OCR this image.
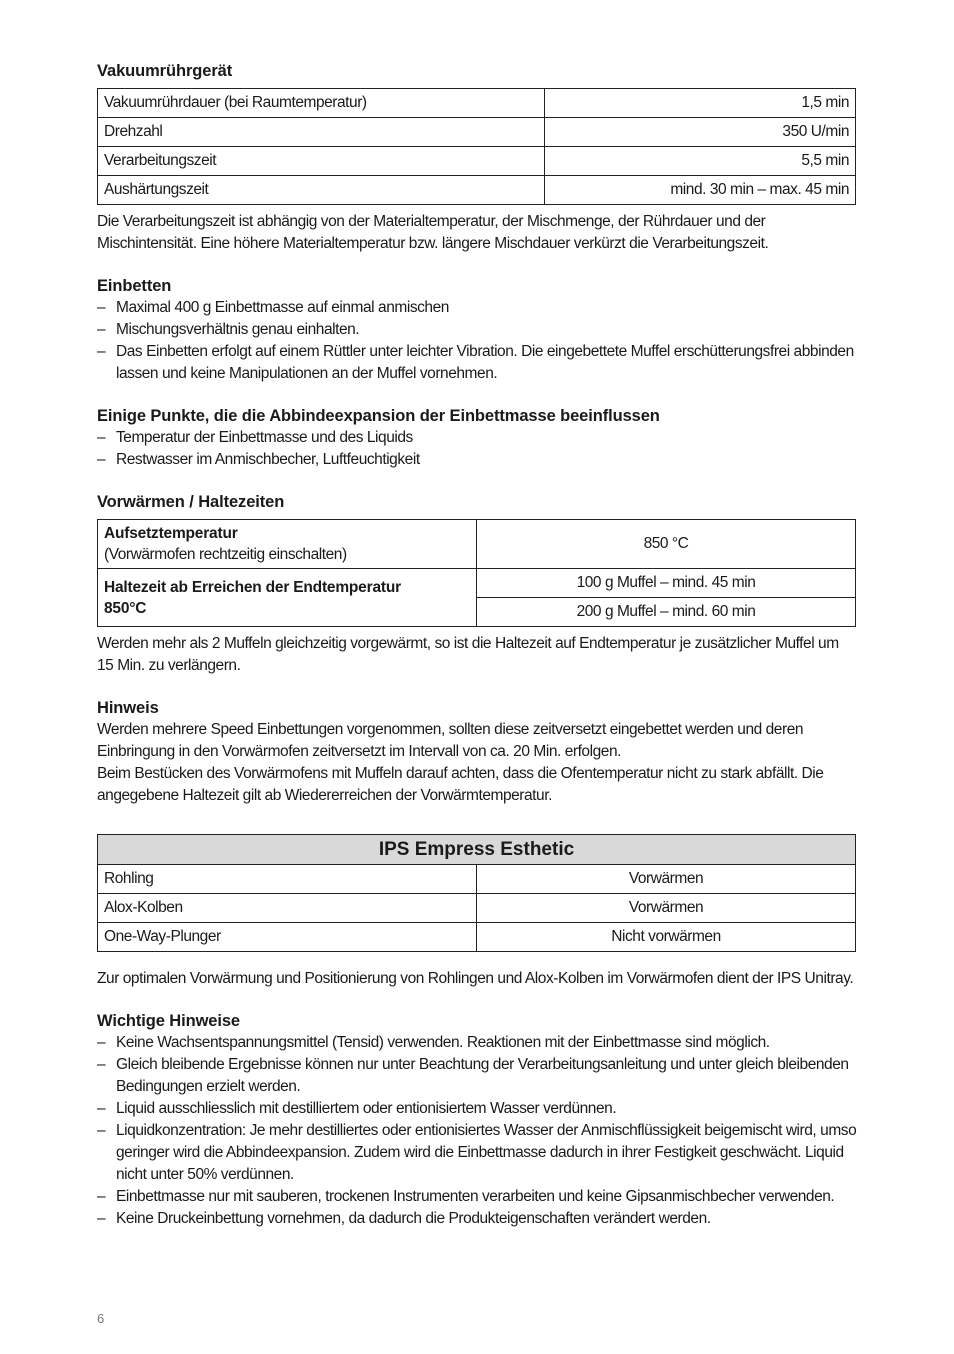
Vakuumrührgerät
Vakuumrührdauer (bei Raumtemperatur)	1,5 min
Drehzahl	350 U/min
Verarbeitungszeit	5,5 min
Aushärtungszeit	mind. 30 min – max. 45 min

Die Verarbeitungszeit ist abhängig von der Materialtemperatur, der Mischmenge, der Rührdauer und der Mischintensität. Eine höhere Materialtemperatur bzw. längere Mischdauer verkürzt die Verarbeitungszeit.

Einbetten
– Maximal 400 g Einbettmasse auf einmal anmischen
– Mischungsverhältnis genau einhalten.
– Das Einbetten erfolgt auf einem Rüttler unter leichter Vibration. Die eingebettete Muffel erschütterungsfrei abbinden lassen und keine Manipulationen an der Muffel vornehmen.
Einige Punkte, die die Abbindeexpansion der Einbettmasse beeinflussen
– Temperatur der Einbettmasse und des Liquids
– Restwasser im Anmischbecher, Luftfeuchtigkeit
Vorwärmen / Haltezeiten
Aufsetztemperatur
(Vorwärmofen rechtzeitig einschalten)	850 °C
Haltezeit ab Erreichen der Endtemperatur 850°C	100 g Muffel – mind. 45 min
	200 g Muffel – mind. 60 min

Werden mehr als 2 Muffeln gleichzeitig vorgewärmt, so ist die Haltezeit auf Endtemperatur je zusätzlicher Muffel um 15 Min. zu verlängern.

Hinweis

Werden mehrere Speed Einbettungen vorgenommen, sollten diese zeitversetzt eingebettet werden und deren Einbringung in den Vorwärmofen zeitversetzt im Intervall von ca. 20 Min. erfolgen.

Beim Bestücken des Vorwärmofens mit Muffeln darauf achten, dass die Ofentemperatur nicht zu stark abfällt. Die angegebene Haltezeit gilt ab Wiedererreichen der Vorwärmtemperatur.

IPS Empress Esthetic	
Rohling	Vorwärmen
Alox-Kolben	Vorwärmen
One-Way-Plunger	Nicht vorwärmen

Zur optimalen Vorwärmung und Positionierung von Rohlingen und Alox-Kolben im Vorwärmofen dient der IPS Unitray.

Wichtige Hinweise
– Keine Wachsentspannungsmittel (Tensid) verwenden. Reaktionen mit der Einbettmasse sind möglich.
– Gleich bleibende Ergebnisse können nur unter Beachtung der Verarbeitungsanleitung und unter gleich bleibenden Bedingungen erzielt werden.
– Liquid ausschliesslich mit destilliertem oder entionisiertem Wasser verdünnen.
– Liquidkonzentration: Je mehr destilliertes oder entionisiertes Wasser der Anmischflüssigkeit beigemischt wird, umso geringer wird die Abbindeexpansion. Zudem wird die Einbettmasse dadurch in ihrer Festigkeit geschwächt. Liquid nicht unter 50% verdünnen.
– Einbettmasse nur mit sauberen, trockenen Instrumenten verarbeiten und keine Gipsanmischbecher verwenden.
– Keine Druckeinbettung vornehmen, da dadurch die Produkteigenschaften verändert werden.
6
